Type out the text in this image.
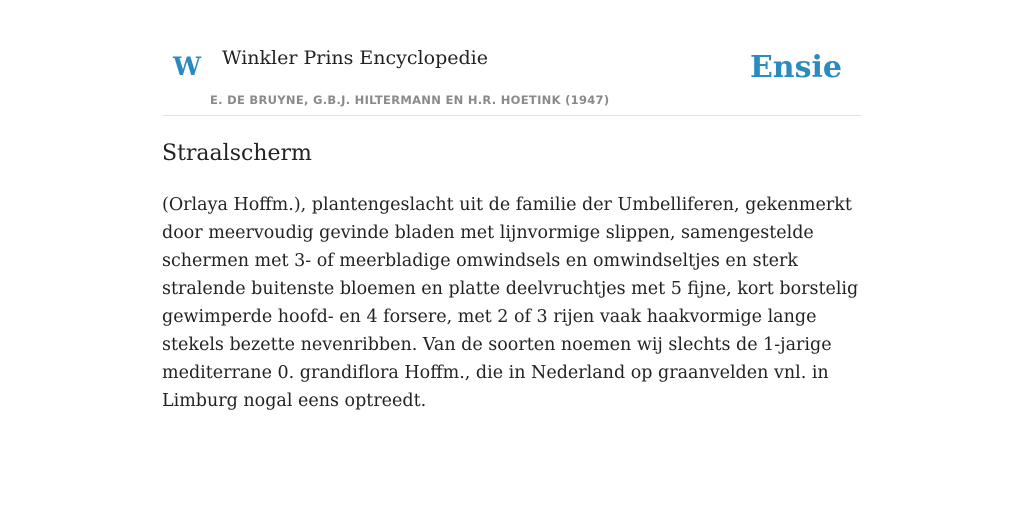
W Winkler Prins Encyclopedie
E. DE BRUYNE, G.B.J. HILTERMANN EN H.R. HOETINK (1947)
Ensie
Straalscherm

(Orlaya Hoffm.), plantengeslacht uit de familie der Umbelliferen, gekenmerkt door meervoudig gevinde bladen met lijnvormige slippen, samengestelde schermen met 3- of meerbladige omwindsels en omwindseltjes en sterk stralende buitenste bloemen en platte deelvruchtjes met 5 fijne, kort borstelig gewimperde hoofd- en 4 forsere, met 2 of 3 rijen vaak haakvormige lange stekels bezette nevenribben. Van de soorten noemen wij slechts de 1-jarige mediterrane 0. grandiflora Hoffm., die in Nederland op graanvelden vnl. in Limburg nogal eens optreedt.
